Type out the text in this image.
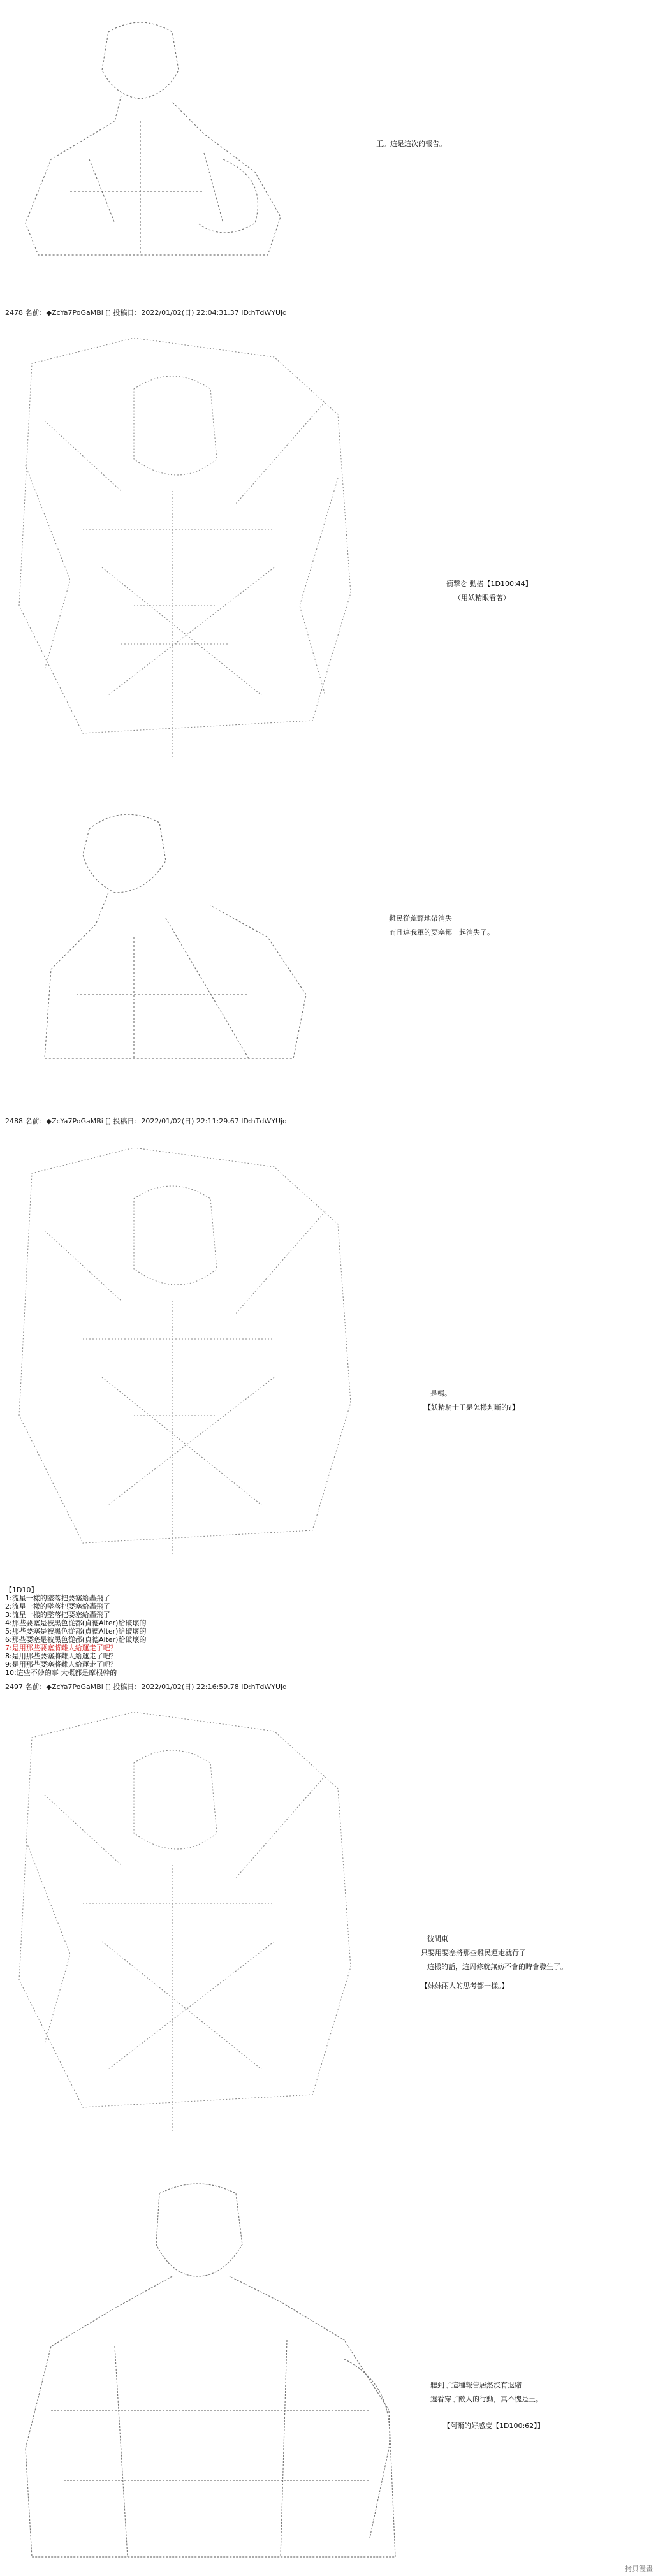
王。這是這次的報告。
2478 名前：◆ZcYa7PoGaMBi [] 投稿日：2022/01/02(日) 22:04:31.37 ID:hTdWYUjq

衝撃を 動搖【1D100:44】
（用妖精眼看著）

難民從荒野地帶消失
而且連我軍的要塞都一起消失了。
2488 名前：◆ZcYa7PoGaMBi [] 投稿日：2022/01/02(日) 22:11:29.67 ID:hTdWYUjq

是嗎。
【妖精騎士王是怎樣判斷的?】
【1D10】
1:流星一樣的墜落把要塞給轟飛了
2:流星一樣的墜落把要塞給轟飛了
3:流星一樣的墜落把要塞給轟飛了
4:那些要塞是被黑色從都(貞德Alter)給破壞的
5:那些要塞是被黑色從都(貞德Alter)給破壞的
6:那些要塞是被黑色從都(貞德Alter)給破壞的
7:是用那些要塞將難人給運走了吧？
8:是用那些要塞將難人給運走了吧？
9:是用那些要塞將難人給運走了吧？
10:這些不妙的事 大概都是摩根幹的
2497 名前：◆ZcYa7PoGaMBi [] 投稿日：2022/01/02(日) 22:16:59.78 ID:hTdWYUjq

彼間東
只要用要塞將那些難民運走就行了
這樣的話，這周條就無妨不會的時會發生了。
【妹妹兩人的思考都一樣。】

聽到了這種報告居然沒有退縮
還看穿了敵人的行動，真不愧是王。
【阿爾的好感度【1D100:62】】
拷貝漫畫
